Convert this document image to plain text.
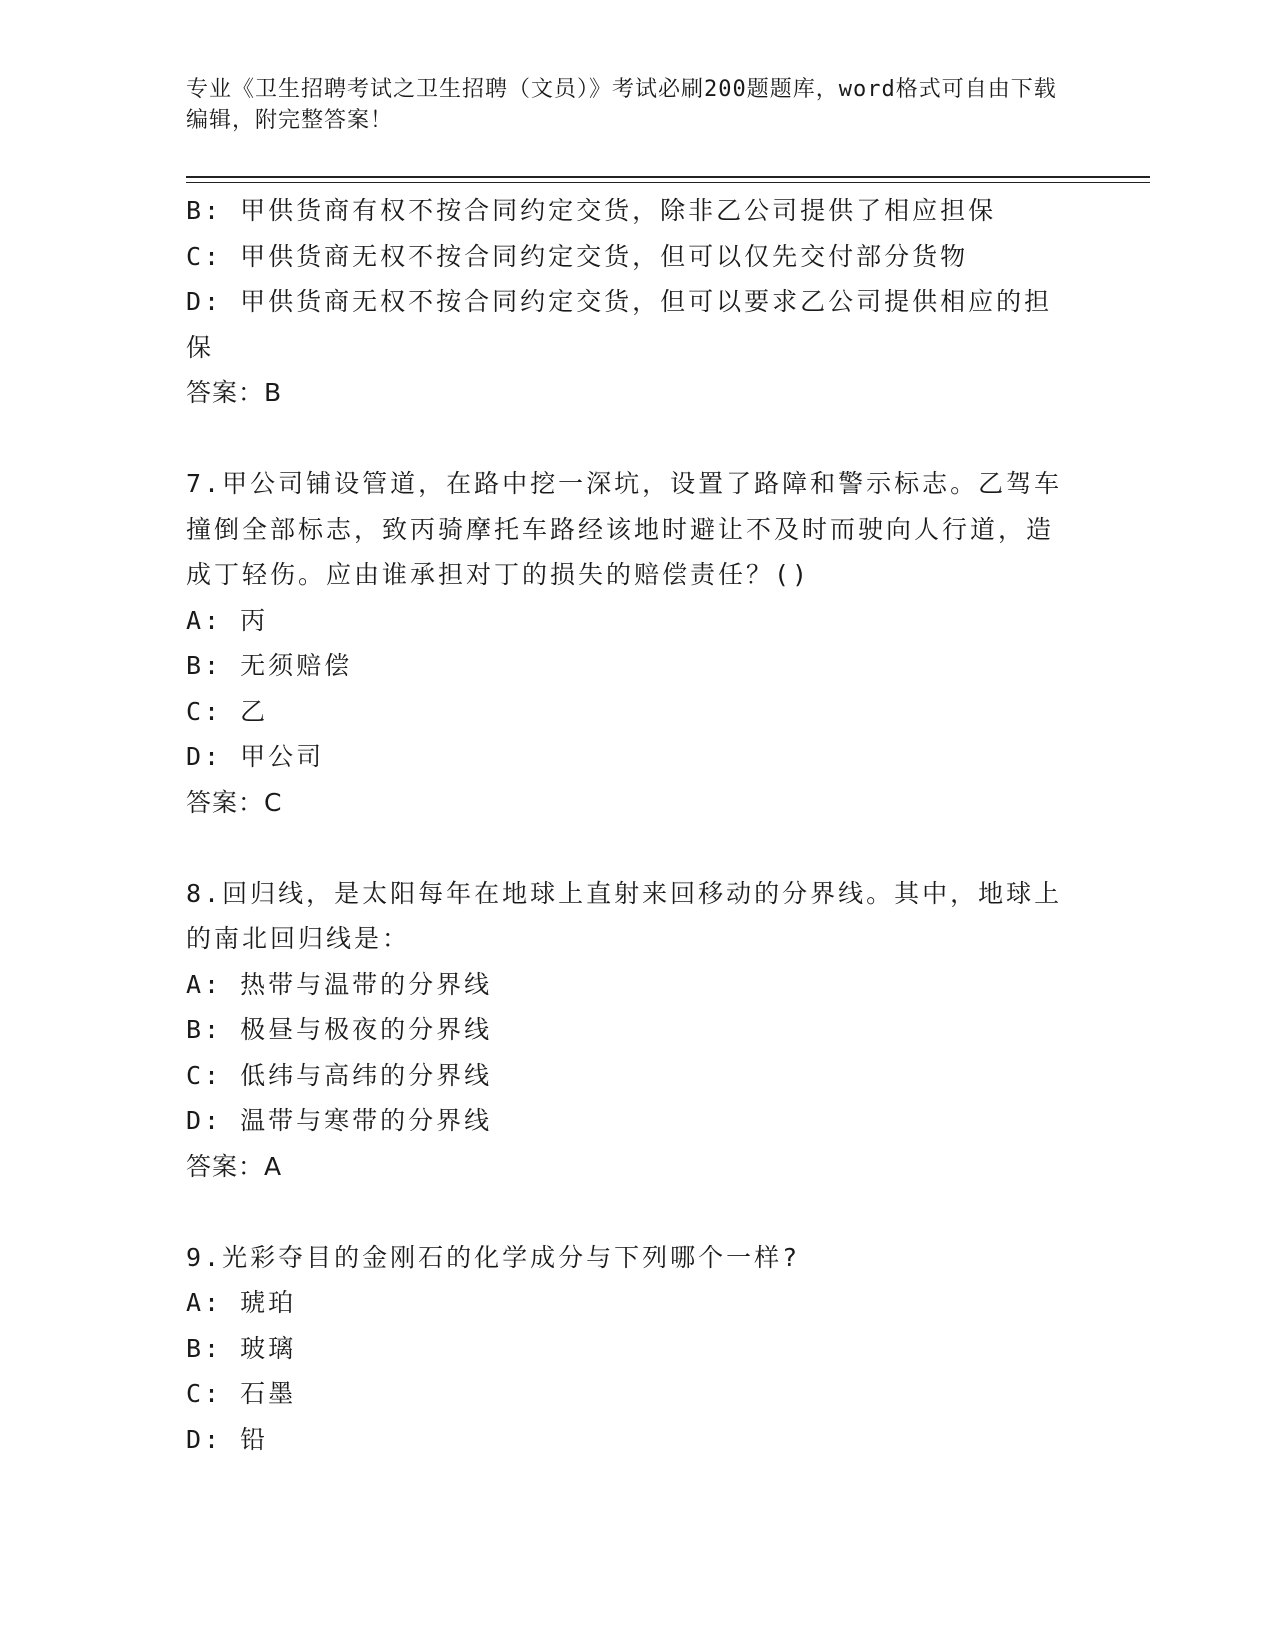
专业《卫生招聘考试之卫生招聘（文员）》考试必刷200题题库，word格式可自由下载编辑，附完整答案！
B: 甲供货商有权不按合同约定交货，除非乙公司提供了相应担保
C: 甲供货商无权不按合同约定交货，但可以仅先交付部分货物
D: 甲供货商无权不按合同约定交货，但可以要求乙公司提供相应的担保
答案：B
7.甲公司铺设管道，在路中挖一深坑，设置了路障和警示标志。乙驾车撞倒全部标志，致丙骑摩托车路经该地时避让不及时而驶向人行道，造成丁轻伤。应由谁承担对丁的损失的赔偿责任？()
A: 丙
B: 无须赔偿
C: 乙
D: 甲公司
答案：C
8.回归线，是太阳每年在地球上直射来回移动的分界线。其中，地球上的南北回归线是：
A: 热带与温带的分界线
B: 极昼与极夜的分界线
C: 低纬与高纬的分界线
D: 温带与寒带的分界线
答案：A
9.光彩夺目的金刚石的化学成分与下列哪个一样?
A: 琥珀
B: 玻璃
C: 石墨
D: 铅
